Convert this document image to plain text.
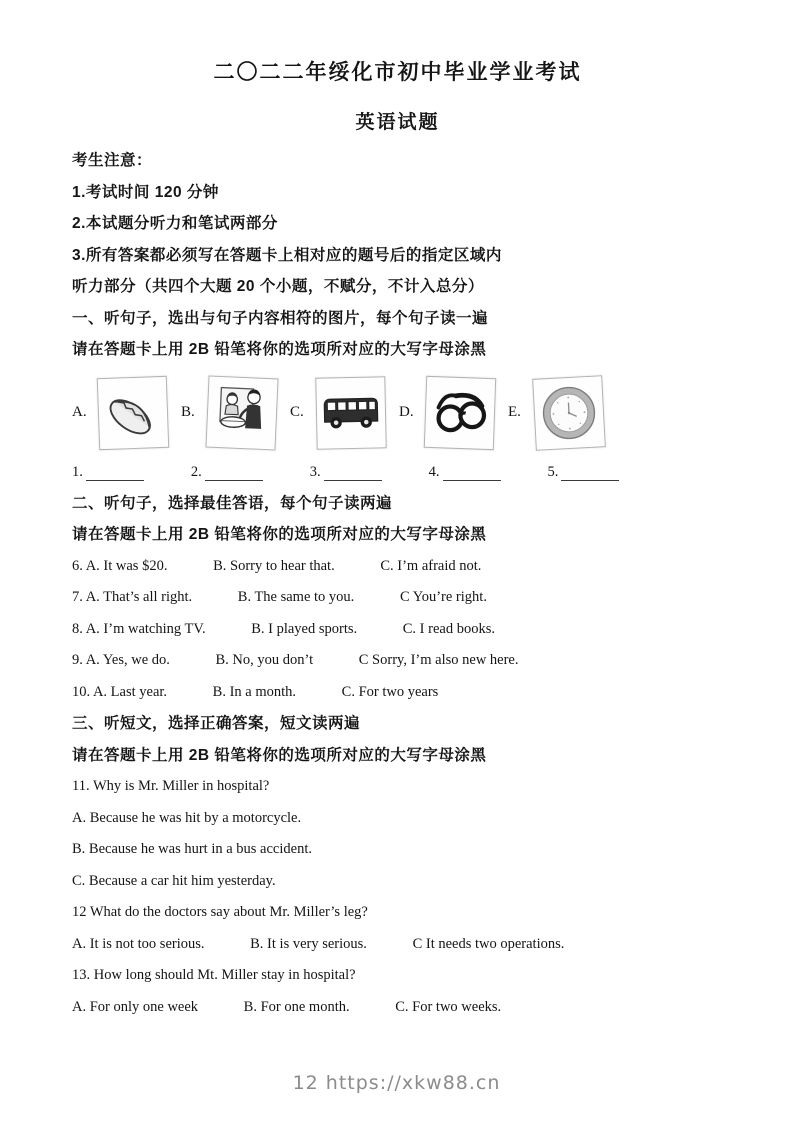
二〇二二年绥化市初中毕业学业考试
英语试题

考生注意：

1.考试时间 120 分钟

2.本试题分听力和笔试两部分

3.所有答案都必须写在答题卡上相对应的题号后的指定区域内

听力部分（共四个大题 20 个小题，不赋分，不计入总分）

一、听句子，选出与句子内容相符的图片，每个句子读一遍

请在答题卡上用 2B 铅笔将你的选项所对应的大写字母涂黑

A.	B.	C.	D.	E.
1.	2.	3.	4.	5.

二、听句子，选择最佳答语，每个句子读两遍

请在答题卡上用 2B 铅笔将你的选项所对应的大写字母涂黑

6. A. It was $20.	B. Sorry to hear that.	C. I’m afraid not.

7. A. That’s all right.	B. The same to you.	C You’re right.

8. A. I’m watching TV.	B. I played sports.	C. I read books.

9. A. Yes, we do.	B. No, you don’t	C Sorry, I’m also new here.

10. A. Last year.	B. In a month.	C. For two years

三、听短文，选择正确答案，短文读两遍

请在答题卡上用 2B 铅笔将你的选项所对应的大写字母涂黑

11. Why is Mr. Miller in hospital?

A. Because he was hit by a motorcycle.

B. Because he was hurt in a bus accident.

C. Because a car hit him yesterday.

12 What do the doctors say about Mr. Miller’s leg?

A. It is not too serious.	B. It is very serious.	C It needs two operations.

13. How long should Mt. Miller stay in hospital?

A. For only one week	B. For one month.	C. For two weeks.

12 https://xkw88.cn
